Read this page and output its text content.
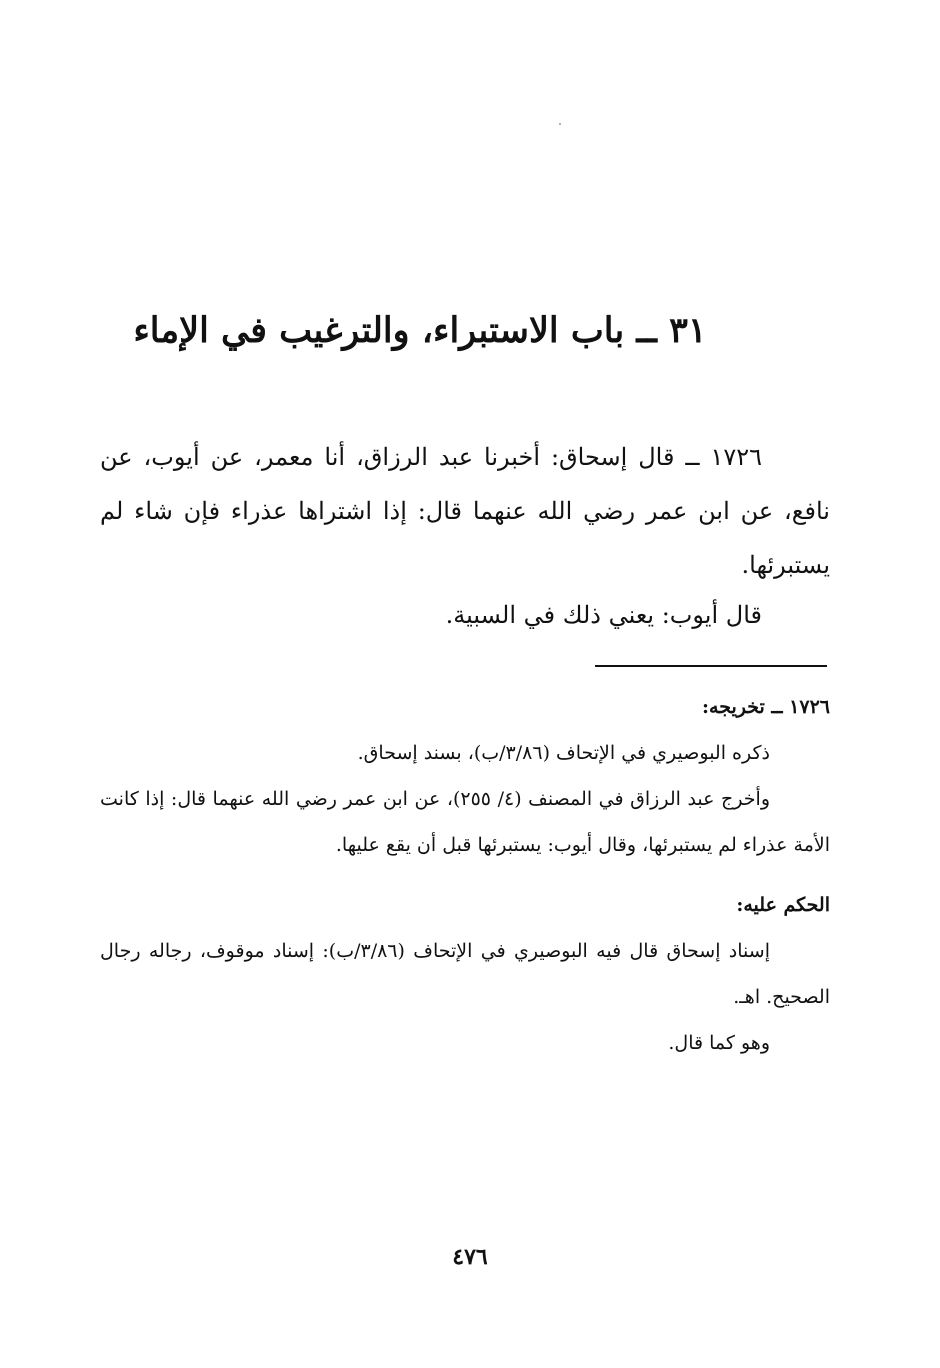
٣١ ــ باب الاستبراء، والترغيب في الإماء

١٧٢٦ ــ قال إسحاق: أخبرنا عبد الرزاق، أنا معمر، عن أيوب، عن نافع، عن ابن عمر رضي الله عنهما قال: إذا اشتراها عذراء فإن شاء لم يستبرئها.

قال أيوب: يعني ذلك في السبية.

١٧٢٦ ــ تخريجه:

ذكره البوصيري في الإتحاف (٣/٨٦/ب)، بسند إسحاق.

وأخرج عبد الرزاق في المصنف (٤/ ٢٥٥)، عن ابن عمر رضي الله عنهما قال: إذا كانت الأمة عذراء لم يستبرئها، وقال أيوب: يستبرئها قبل أن يقع عليها.

الحكم عليه:

إسناد إسحاق قال فيه البوصيري في الإتحاف (٣/٨٦/ب): إسناد موقوف، رجاله رجال الصحيح. اهـ.

وهو كما قال.

٤٧٦
